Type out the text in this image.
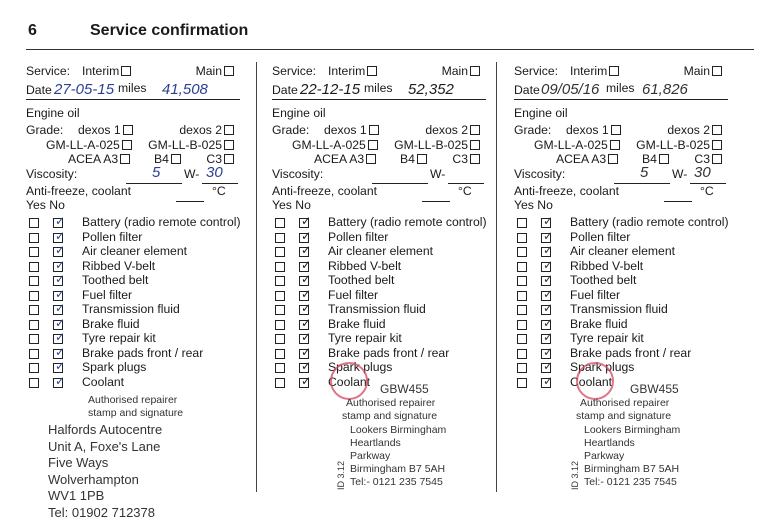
6	Service confirmation
Service: Interim	Main
Date	miles
27-05-15	41,508
Engine oil
Grade: dexos 1	dexos 2
GM-LL-A-025	GM-LL-B-025
ACEA A3	B4	C3
Viscosity:	W-
5	30
Anti-freeze, coolant	°C
Yes No
✓ Battery (radio remote control)
✓ Pollen filter
✓ Air cleaner element
✓ Ribbed V-belt
✓ Toothed belt
✓ Fuel filter
✓ Transmission fluid
✓ Brake fluid
✓ Tyre repair kit
✓ Brake pads front / rear
✓ Spark plugs
✓ Coolant
Authorised repairer
stamp and signature
Halfords Autocentre
Unit A, Foxe's Lane
Five Ways
Wolverhampton
WV1 1PB
Tel: 01902 712378
Service: Interim	Main
Date	miles
22-12-15	52,352
Engine oil
Grade: dexos 1	dexos 2
GM-LL-A-025	GM-LL-B-025
ACEA A3	B4	C3
Viscosity:	W-
Anti-freeze, coolant	°C
Yes No
✓ Battery (radio remote control)
✓ Pollen filter
✓ Air cleaner element
✓ Ribbed V-belt
✓ Toothed belt
✓ Fuel filter
✓ Transmission fluid
✓ Brake fluid
✓ Tyre repair kit
✓ Brake pads front / rear
✓ Spark plugs
✓ Coolant
GBW455
Authorised repairer
stamp and signature
Lookers Birmingham
Heartlands
Parkway
Birmingham B7 5AH
Tel:- 0121 235 7545
ID 3.12
Service: Interim	Main
Date	miles
09/05/16	61,826
Engine oil
Grade: dexos 1	dexos 2
GM-LL-A-025	GM-LL-B-025
ACEA A3	B4	C3
Viscosity:	W-
5	30
Anti-freeze, coolant	°C
Yes No
✓ Battery (radio remote control)
✓ Pollen filter
✓ Air cleaner element
✓ Ribbed V-belt
✓ Toothed belt
✓ Fuel filter
✓ Transmission fluid
✓ Brake fluid
✓ Tyre repair kit
✓ Brake pads front / rear
✓ Spark plugs
✓ Coolant
GBW455
Authorised repairer
stamp and signature
Lookers Birmingham
Heartlands
Parkway
Birmingham B7 5AH
Tel:- 0121 235 7545
ID 3.12
